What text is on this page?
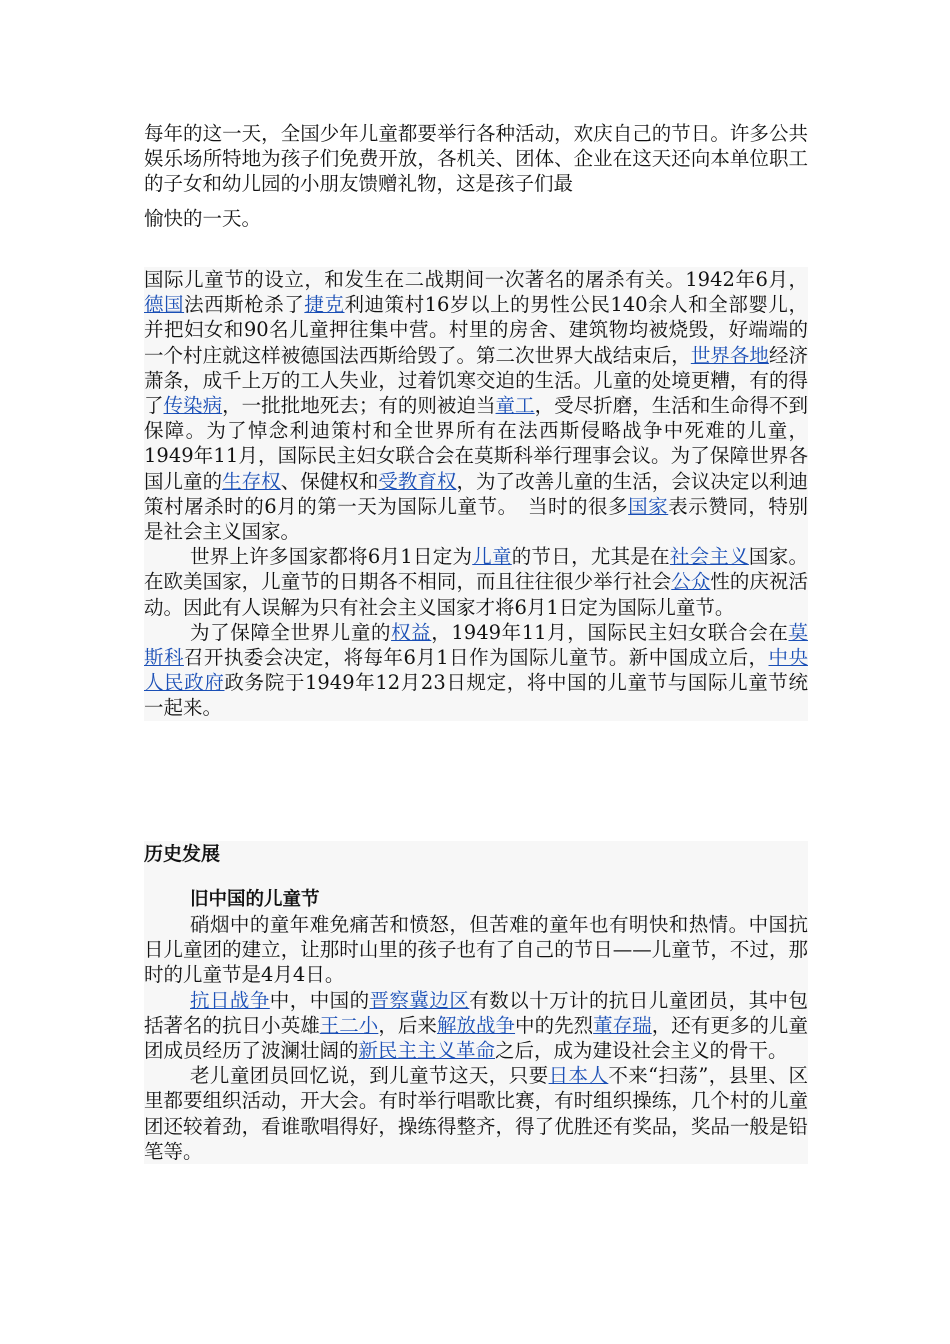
每年的这一天，全国少年儿童都要举行各种活动，欢庆自己的节日。许多公共娱乐场所特地为孩子们免费开放，各机关、团体、企业在这天还向本单位职工的子女和幼儿园的小朋友馈赠礼物，这是孩子们最

愉快的一天。

国际儿童节的设立，和发生在二战期间一次著名的屠杀有关。1942年6月，德国法西斯枪杀了捷克利迪策村16岁以上的男性公民140余人和全部婴儿，并把妇女和90名儿童押往集中营。村里的房舍、建筑物均被烧毁，好端端的一个村庄就这样被德国法西斯给毁了。第二次世界大战结束后，世界各地经济萧条，成千上万的工人失业，过着饥寒交迫的生活。儿童的处境更糟，有的得了传染病，一批批地死去；有的则被迫当童工，受尽折磨，生活和生命得不到保障。为了悼念利迪策村和全世界所有在法西斯侵略战争中死难的儿童，1949年11月，国际民主妇女联合会在莫斯科举行理事会议。为了保障世界各国儿童的生存权、保健权和受教育权，为了改善儿童的生活，会议决定以利迪策村屠杀时的6月的第一天为国际儿童节。　当时的很多国家表示赞同，特别是社会主义国家。

世界上许多国家都将6月1日定为儿童的节日，尤其是在社会主义国家。在欧美国家，儿童节的日期各不相同，而且往往很少举行社会公众性的庆祝活动。因此有人误解为只有社会主义国家才将6月1日定为国际儿童节。

为了保障全世界儿童的权益，1949年11月，国际民主妇女联合会在莫斯科召开执委会决定，将每年6月1日作为国际儿童节。新中国成立后，中央人民政府政务院于1949年12月23日规定，将中国的儿童节与国际儿童节统一起来。

历史发展

旧中国的儿童节

硝烟中的童年难免痛苦和愤怒，但苦难的童年也有明快和热情。中国抗日儿童团的建立，让那时山里的孩子也有了自己的节日——儿童节，不过，那时的儿童节是4月4日。

抗日战争中，中国的晋察冀边区有数以十万计的抗日儿童团员，其中包括著名的抗日小英雄王二小，后来解放战争中的先烈董存瑞，还有更多的儿童团成员经历了波澜壮阔的新民主主义革命之后，成为建设社会主义的骨干。

老儿童团员回忆说，到儿童节这天，只要日本人不来“扫荡”，县里、区里都要组织活动，开大会。有时举行唱歌比赛，有时组织操练，几个村的儿童团还较着劲，看谁歌唱得好，操练得整齐，得了优胜还有奖品，奖品一般是铅笔等。
